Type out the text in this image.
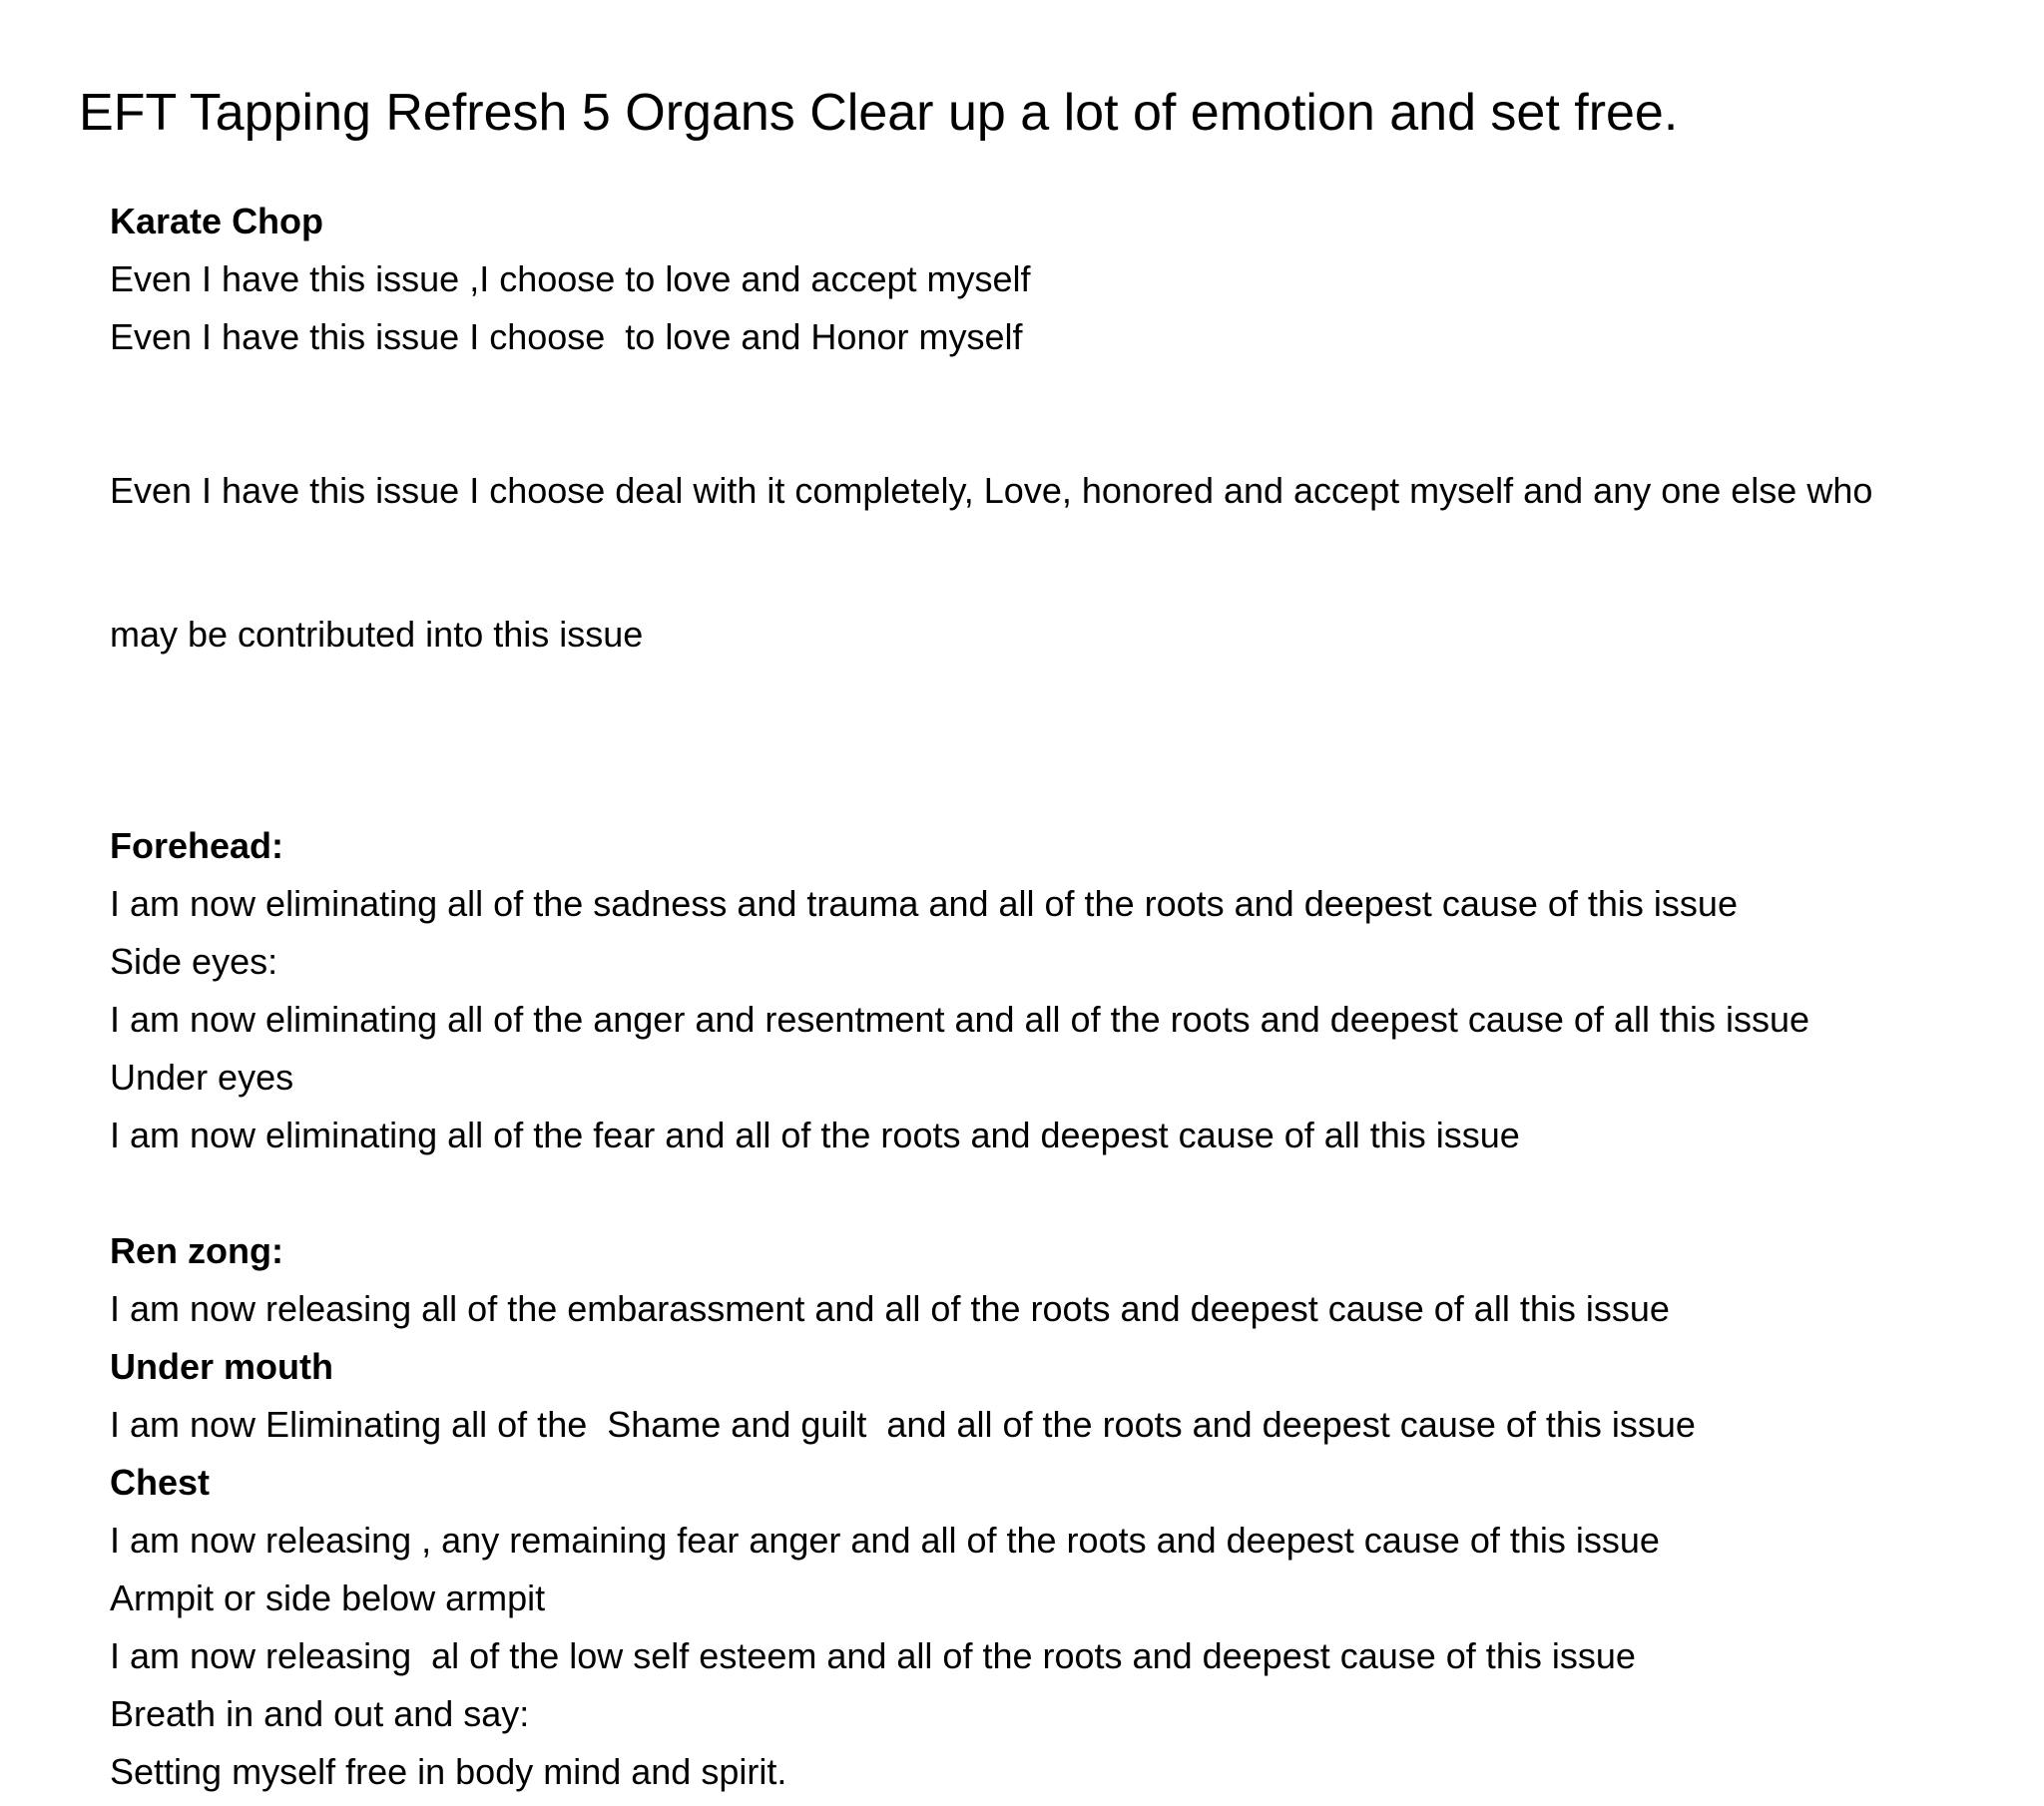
EFT Tapping Refresh 5 Organs Clear up a lot of emotion and set free.
Karate Chop
Even I have this issue ,I choose to love and accept myself
Even I have this issue I choose  to love and Honor myself

Even I have this issue I choose deal with it completely, Love, honored and accept myself and any one else who

may be contributed into this issue

Forehead:
I am now eliminating all of the sadness and trauma and all of the roots and deepest cause of this issue
Side eyes:
I am now eliminating all of the anger and resentment and all of the roots and deepest cause of all this issue
Under eyes
I am now eliminating all of the fear and all of the roots and deepest cause of all this issue
Ren zong:
I am now releasing all of the embarassment and all of the roots and deepest cause of all this issue
Under mouth
I am now Eliminating all of the  Shame and guilt  and all of the roots and deepest cause of this issue
Chest
I am now releasing , any remaining fear anger and all of the roots and deepest cause of this issue
Armpit or side below armpit
I am now releasing  al of the low self esteem and all of the roots and deepest cause of this issue
Breath in and out and say:
Setting myself free in body mind and spirit.
